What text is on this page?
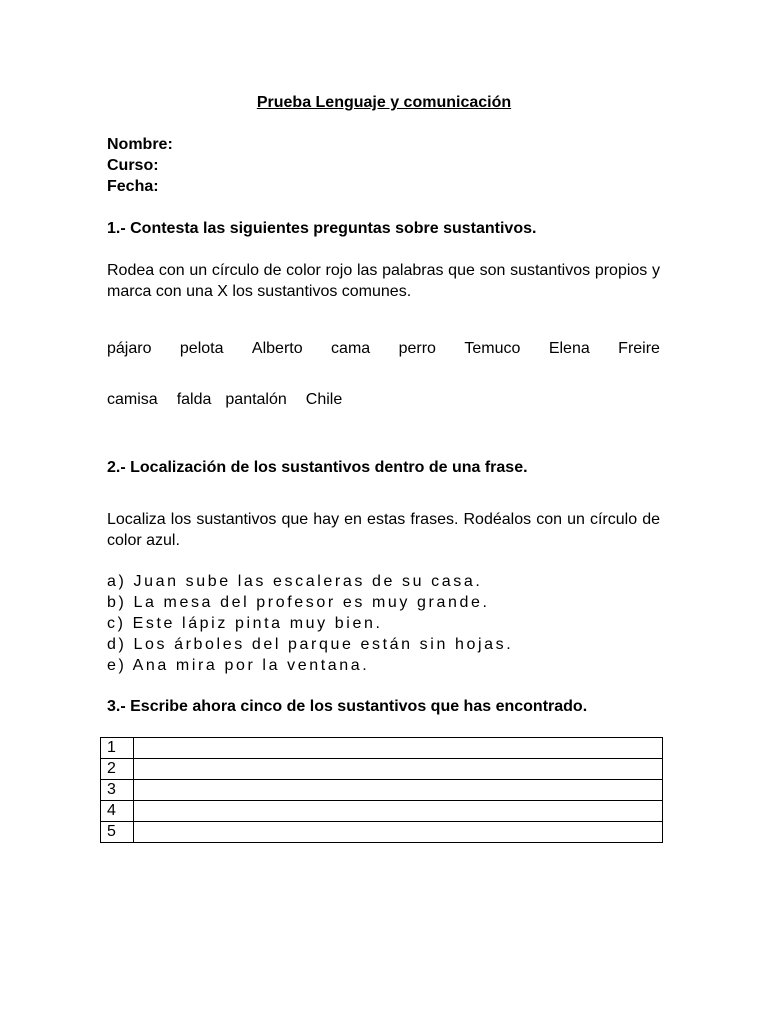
Prueba Lenguaje y comunicación
Nombre:
Curso:
Fecha:
1.- Contesta las siguientes preguntas sobre sustantivos.
Rodea con un círculo de color rojo las palabras que son sustantivos propios y marca con una X los sustantivos comunes.
pájaro pelota Alberto cama perro Temuco Elena Freire
camisa falda pantalón Chile
2.- Localización de los sustantivos dentro de una frase.
Localiza los sustantivos que hay en estas frases. Rodéalos con un círculo de color azul.
a) Juan sube las escaleras de su casa.
b) La mesa del profesor es muy grande.
c) Este lápiz pinta muy bien.
d) Los árboles del parque están sin hojas.
e) Ana mira por la ventana.
3.- Escribe ahora cinco de los sustantivos que has encontrado.
1	
2	
3	
4	
5	
